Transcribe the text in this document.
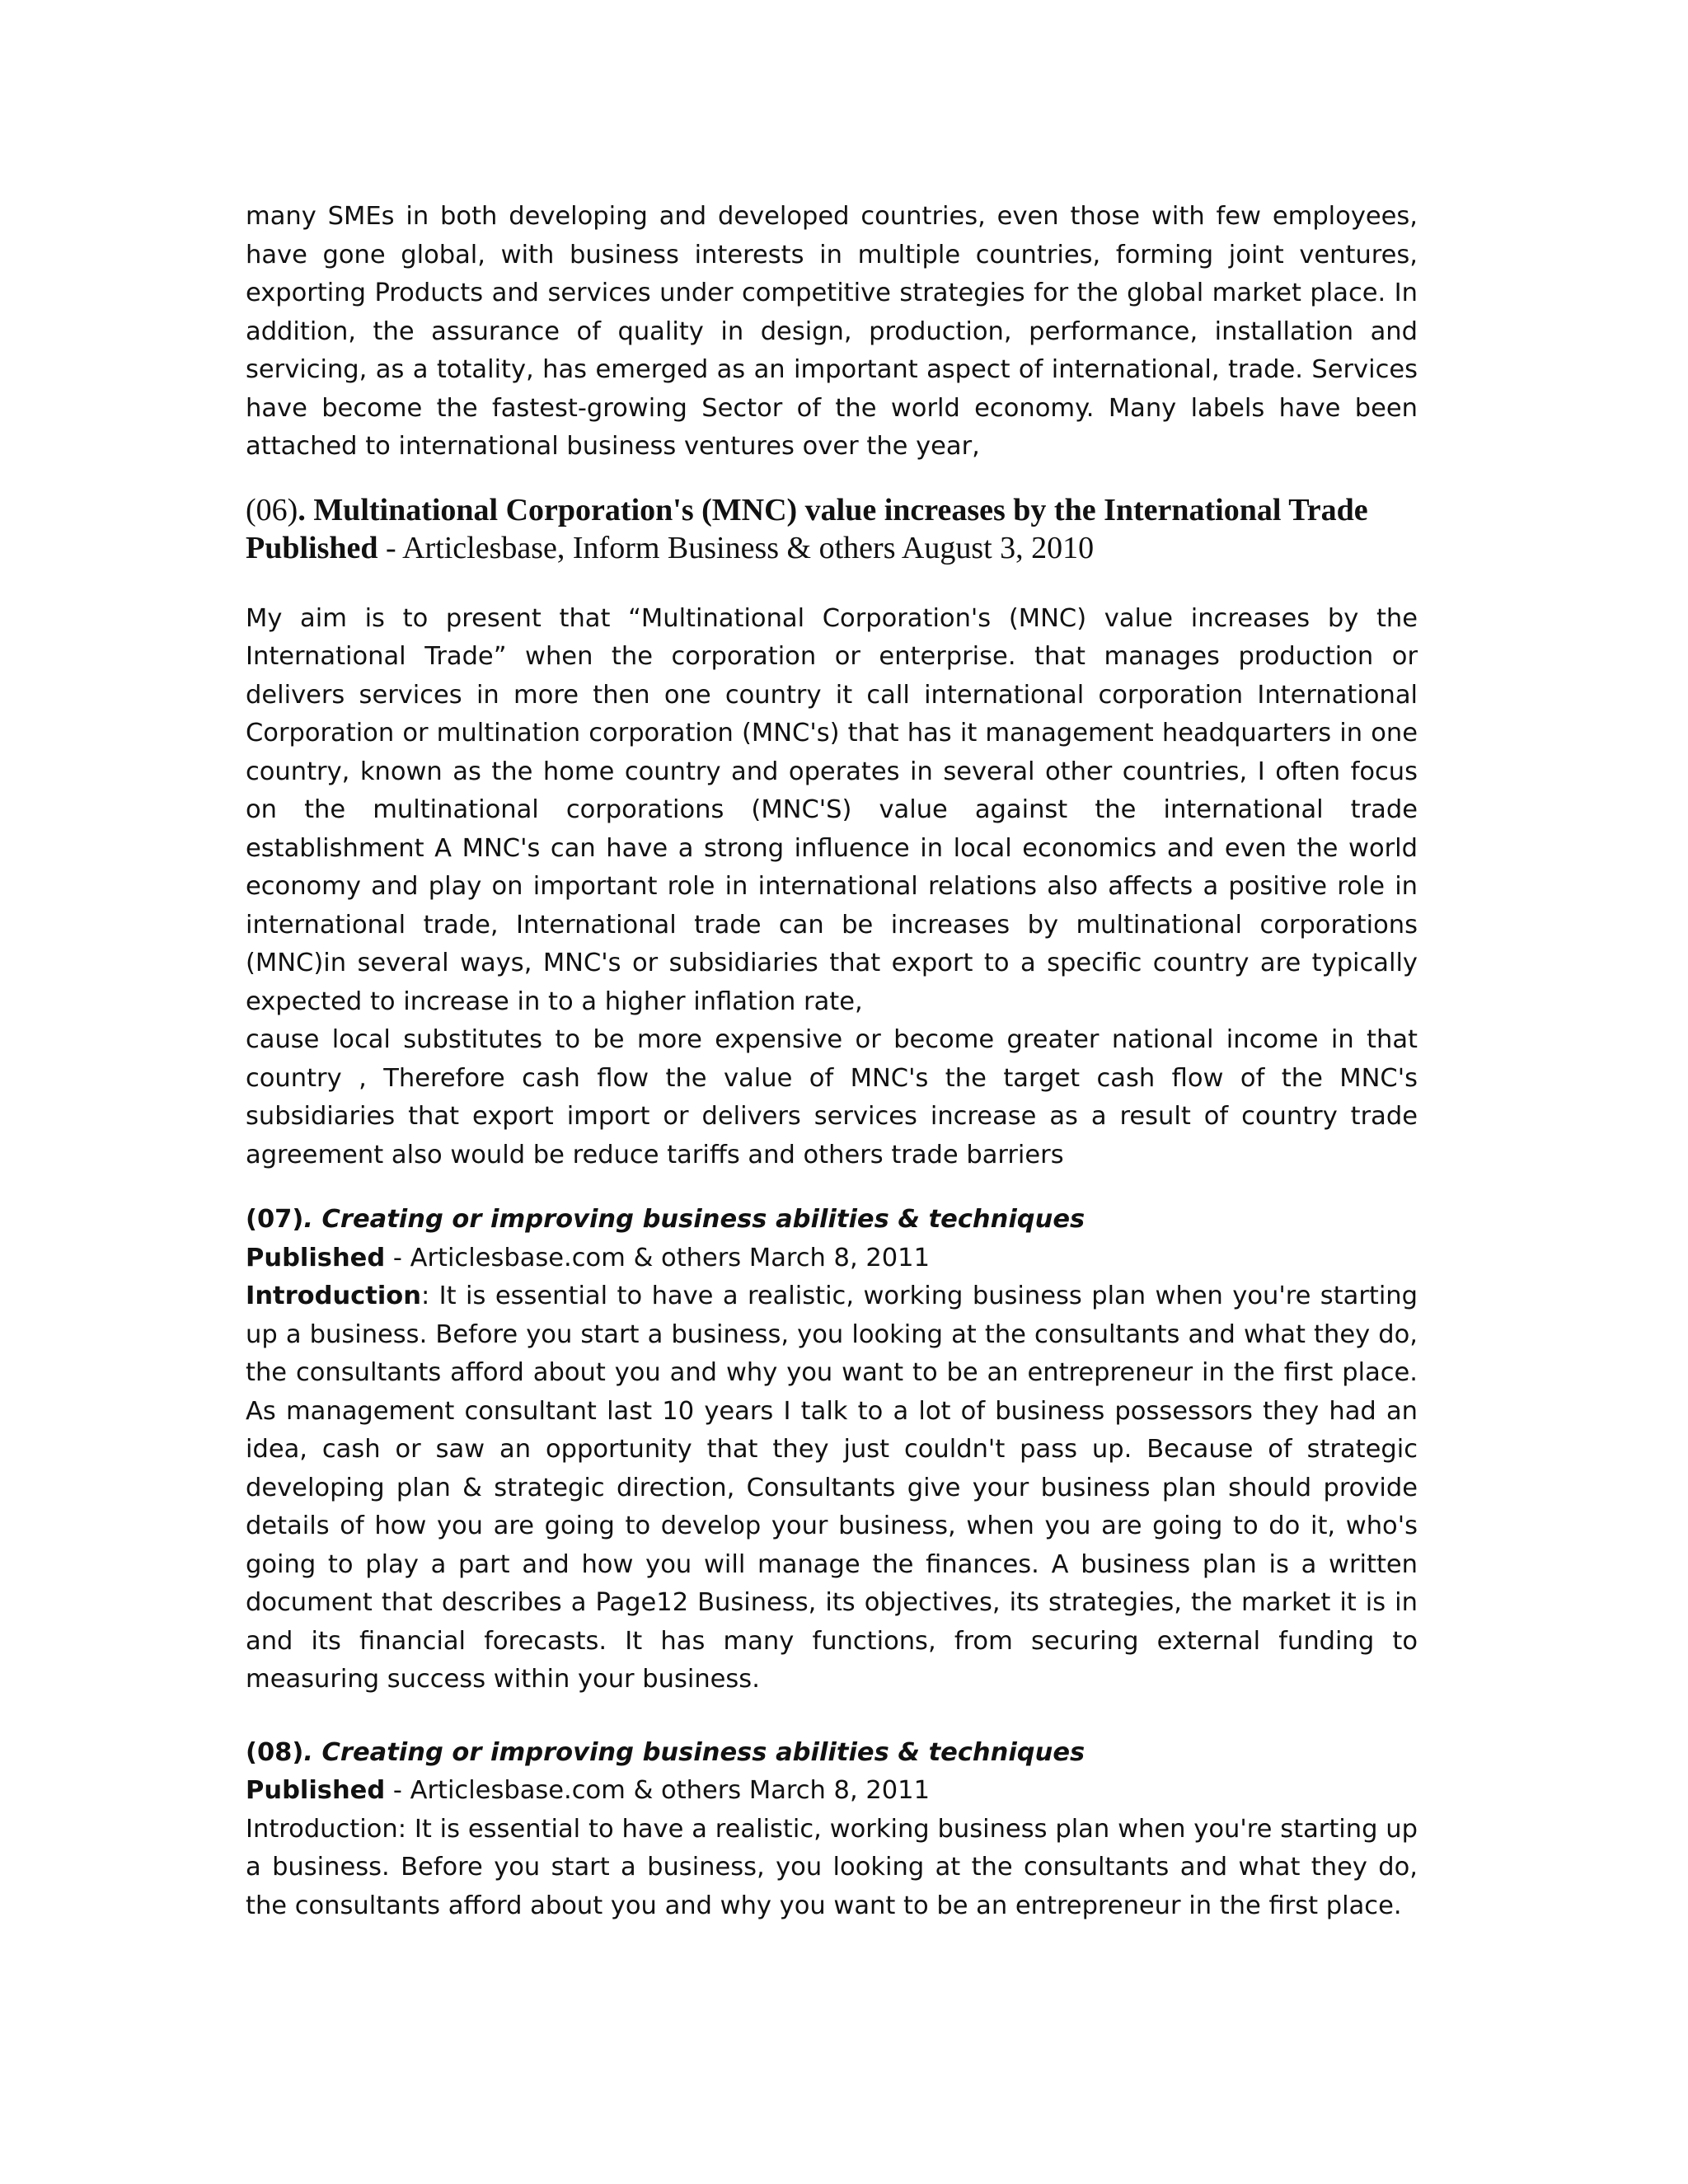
many SMEs in both developing and developed countries, even those with few employees, have gone global, with business interests in multiple countries, forming joint ventures, exporting Products and services under competitive strategies for the global market place. In addition, the assurance of quality in design, production, performance, installation and servicing, as a totality, has emerged as an important aspect of international, trade. Services have become the fastest-growing Sector of the world economy. Many labels have been attached to international business ventures over the year,

(06). Multinational Corporation's (MNC) value increases by the International Trade

Published - Articlesbase, Inform Business & others August 3, 2010

My aim is to present that “Multinational Corporation's (MNC) value increases by the International Trade” when the corporation or enterprise. that manages production or delivers services in more then one country it call international corporation International Corporation or multination corporation (MNC's) that has it management headquarters in one country, known as the home country and operates in several other countries, I often focus on the multinational corporations (MNC'S) value against the international trade establishment A MNC's can have a strong influence in local economics and even the world economy and play on important role in international relations also affects a positive role in international trade, International trade can be increases by multinational corporations (MNC)in several ways, MNC's or subsidiaries that export to a specific country are typically expected to increase in to a higher inflation rate,

cause local substitutes to be more expensive or become greater national income in that country , Therefore cash flow the value of MNC's the target cash flow of the MNC's subsidiaries that export import or delivers services increase as a result of country trade agreement also would be reduce tariffs and others trade barriers

(07). Creating or improving business abilities & techniques

Published - Articlesbase.com & others March 8, 2011

Introduction: It is essential to have a realistic, working business plan when you're starting up a business. Before you start a business, you looking at the consultants and what they do, the consultants afford about you and why you want to be an entrepreneur in the first place. As management consultant last 10 years I talk to a lot of business possessors they had an idea, cash or saw an opportunity that they just couldn't pass up. Because of strategic developing plan & strategic direction, Consultants give your business plan should provide details of how you are going to develop your business, when you are going to do it, who's going to play a part and how you will manage the finances. A business plan is a written document that describes a Page12 Business, its objectives, its strategies, the market it is in and its financial forecasts. It has many functions, from securing external funding to measuring success within your business.

(08). Creating or improving business abilities & techniques

Published - Articlesbase.com & others March 8, 2011

Introduction: It is essential to have a realistic, working business plan when you're starting up a business. Before you start a business, you looking at the consultants and what they do, the consultants afford about you and why you want to be an entrepreneur in the first place.
